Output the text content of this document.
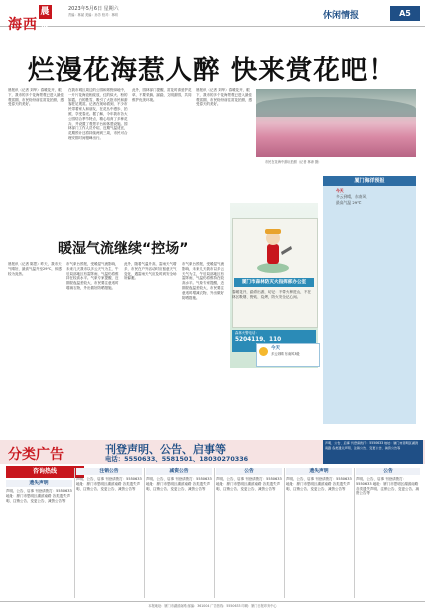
海西晨报
2023年5月6日 星期六
责编：林斌 美编：孙芳 校对：林明	休闲情报	A5
烂漫花海惹人醉 快来赏花吧！
晨报讯（记者 刘华）春暖花开，眼下，我市的多个花海景观已进入最佳观赏期，市民纷纷前往赏花拍照，感受春天的美好。
在我市城区周边的公园和郊野绿地中，一片片花海竞相绽放，红的似火、粉的如霞、白的胜雪，吸引了大批市民和游客驻足观赏。记者在现场看到，不少市民带着家人和朋友，在花丛中漫步、拍照，享受春光。据了解，今年我市各大公园结合季节特点，精心培育了多种花卉，并设置了观景平台和休憩设施。园林部门工作人员介绍，近期气温适宜，花期预计还将持续两到三周，市民可合理安排时间错峰出行。
此外，园林部门提醒，赏花时请爱护花草，不要采摘、踩踏，文明游园，共同维护优美环境。
晨报讯（记者 刘华）春暖花开，眼下，我市的多个花海景观已进入最佳观赏期，市民纷纷前往赏花拍照，感受春天的美好。
市民在花海中游玩拍照（记者 林涛 摄）
暖湿气流继续“控场”
晨报讯（记者 陈思）昨天，我市天气晴好，最高气温升至29℃，体感较为炎热。
市气象台预报，受暖湿气流影响，未来几天我市以多云天气为主，午后局部地区有雷阵雨，气温仍将维持在较高水平。气象专家提醒，近期昼夜温差较大，市民要注意适时增减衣物，外出做好防晒措施。
此外，随着气温升高，雷雨天气增多，市民在户外活动时应留意天气变化，遇雷雨天气应及时到安全场所躲避。
市气象台预报，受暖湿气流影响，未来几天我市以多云天气为主，午后局部地区有雷阵雨，气温仍将维持在较高水平。气象专家提醒，近期昼夜温差较大，市民要注意适时增减衣物，外出做好防晒措施。
厦门市森林防灭火指挥部办公室
春暖花开，踏青出游，切记：不带火种进山，不在林区吸烟、野炊、烧烤，防火安全记心间。
森林火警电话：
5204119、110
厦门海洋预报
今天
多云到晴，东南风
最高气温 29℃
今天
多云到晴 东南风3级
分类广告	刊登声明、公告、启事等
电话：5550633、5581501、18030270336
声明、公告、启事 刊登请拨打：5550633 地址：厦门市思明区湖滨南路 各类遗失声明、注销公告、变更公告、减资公告等
咨询热线
遗失声明
注销公告	减资公告	公告	遗失声明	公告
声明、公告、启事 刊登请拨打：5550633 地址：厦门市思明区湖滨南路 各类遗失声明、注销公告、变更公告、减资公告等
声明、公告、启事 刊登请拨打：5550633 地址：厦门市思明区湖滨南路 各类遗失声明、注销公告、变更公告、减资公告等
声明、公告、启事 刊登请拨打：5550633 地址：厦门市思明区湖滨南路 各类遗失声明、注销公告、变更公告、减资公告等
声明、公告、启事 刊登请拨打：5550633 地址：厦门市思明区湖滨南路 各类遗失声明、注销公告、变更公告、减资公告等
声明、公告、启事 刊登请拨打：5550633 地址：厦门市思明区湖滨南路 各类遗失声明、注销公告、变更公告、减资公告等
声明、公告、启事 刊登请拨打：5550633 地址：厦门市思明区湖滨南路 各类遗失声明、注销公告、变更公告、减资公告等
本报地址：厦门市湖滨南路 邮编：361004 广告热线：5550633 印刷：厦门日报印务中心
